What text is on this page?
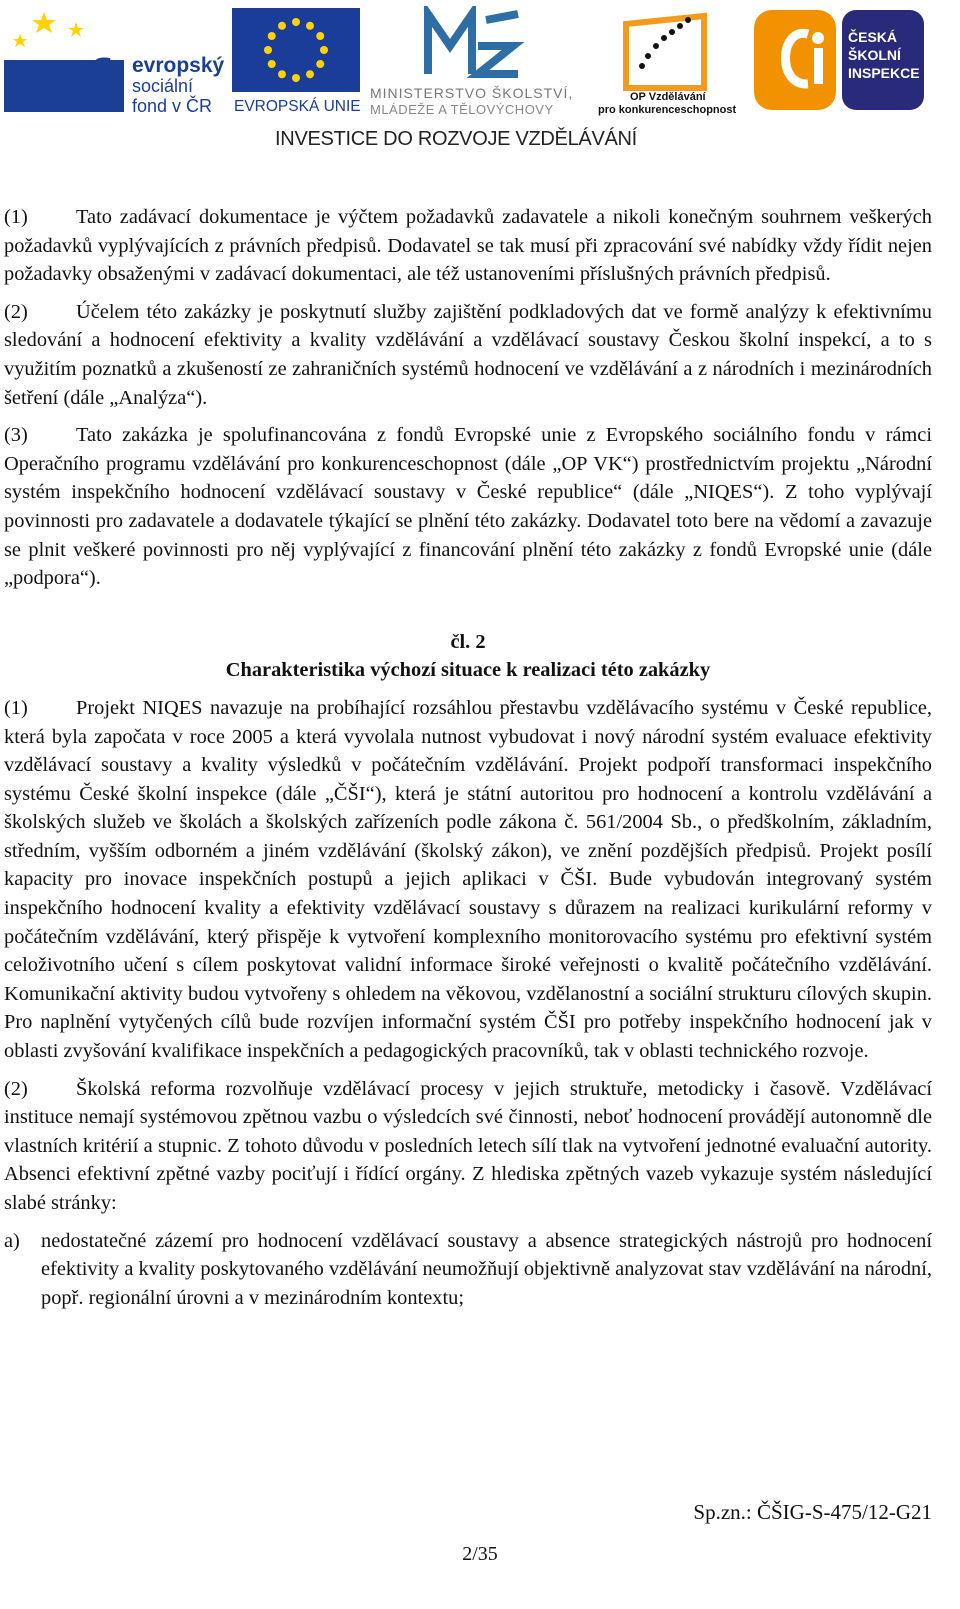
esf evropský
sociální
fond v ČR EVROPSKÁ UNIE
MINISTERSTVO ŠKOLSTVÍ,
MLÁDEŽE A TĚLOVÝCHOVY
OP Vzdělávání
pro konkurenceschopnost
ČESKÁ
ŠKOLNÍ
INSPEKCE
INVESTICE DO ROZVOJE VZDĚLÁVÁNÍ

(1) Tato zadávací dokumentace je výčtem požadavků zadavatele a nikoli konečným souhrnem veškerých požadavků vyplývajících z právních předpisů. Dodavatel se tak musí při zpracování své nabídky vždy řídit nejen požadavky obsaženými v zadávací dokumentaci, ale též ustanoveními příslušných právních předpisů.

(2) Účelem této zakázky je poskytnutí služby zajištění podkladových dat ve formě analýzy k efektivnímu sledování a hodnocení efektivity a kvality vzdělávání a vzdělávací soustavy Českou školní inspekcí, a to s využitím poznatků a zkušeností ze zahraničních systémů hodnocení ve vzdělávání a z národních i mezinárodních šetření (dále „Analýza“).

(3) Tato zakázka je spolufinancována z fondů Evropské unie z Evropského sociálního fondu v rámci Operačního programu vzdělávání pro konkurenceschopnost (dále „OP VK“) prostřednictvím projektu „Národní systém inspekčního hodnocení vzdělávací soustavy v České republice“ (dále „NIQES“). Z toho vyplývají povinnosti pro zadavatele a dodavatele týkající se plnění této zakázky. Dodavatel toto bere na vědomí a zavazuje se plnit veškeré povinnosti pro něj vyplývající z financování plnění této zakázky z fondů Evropské unie (dále „podpora“).

čl. 2
Charakteristika výchozí situace k realizaci této zakázky

(1) Projekt NIQES navazuje na probíhající rozsáhlou přestavbu vzdělávacího systému v České republice, která byla započata v roce 2005 a která vyvolala nutnost vybudovat i nový národní systém evaluace efektivity vzdělávací soustavy a kvality výsledků v počátečním vzdělávání. Projekt podpoří transformaci inspekčního systému České školní inspekce (dále „ČŠI“), která je státní autoritou pro hodnocení a kontrolu vzdělávání a školských služeb ve školách a školských zařízeních podle zákona č. 561/2004 Sb., o předškolním, základním, středním, vyšším odborném a jiném vzdělávání (školský zákon), ve znění pozdějších předpisů. Projekt posílí kapacity pro inovace inspekčních postupů a jejich aplikaci v ČŠI. Bude vybudován integrovaný systém inspekčního hodnocení kvality a efektivity vzdělávací soustavy s důrazem na realizaci kurikulární reformy v počátečním vzdělávání, který přispěje k vytvoření komplexního monitorovacího systému pro efektivní systém celoživotního učení s cílem poskytovat validní informace široké veřejnosti o kvalitě počátečního vzdělávání. Komunikační aktivity budou vytvořeny s ohledem na věkovou, vzdělanostní a sociální strukturu cílových skupin. Pro naplnění vytyčených cílů bude rozvíjen informační systém ČŠI pro potřeby inspekčního hodnocení jak v oblasti zvyšování kvalifikace inspekčních a pedagogických pracovníků, tak v oblasti technického rozvoje.

(2) Školská reforma rozvolňuje vzdělávací procesy v jejich struktuře, metodicky i časově. Vzdělávací instituce nemají systémovou zpětnou vazbu o výsledcích své činnosti, neboť hodnocení provádějí autonomně dle vlastních kritérií a stupnic. Z tohoto důvodu v posledních letech sílí tlak na vytvoření jednotné evaluační autority. Absenci efektivní zpětné vazby pociťují i řídící orgány. Z hlediska zpětných vazeb vykazuje systém následující slabé stránky:

a) nedostatečné zázemí pro hodnocení vzdělávací soustavy a absence strategických nástrojů pro hodnocení efektivity a kvality poskytovaného vzdělávání neumožňují objektivně analyzovat stav vzdělávání na národní, popř. regionální úrovni a v mezinárodním kontextu;
Sp.zn.: ČŠIG-S-475/12-G21
2/35
